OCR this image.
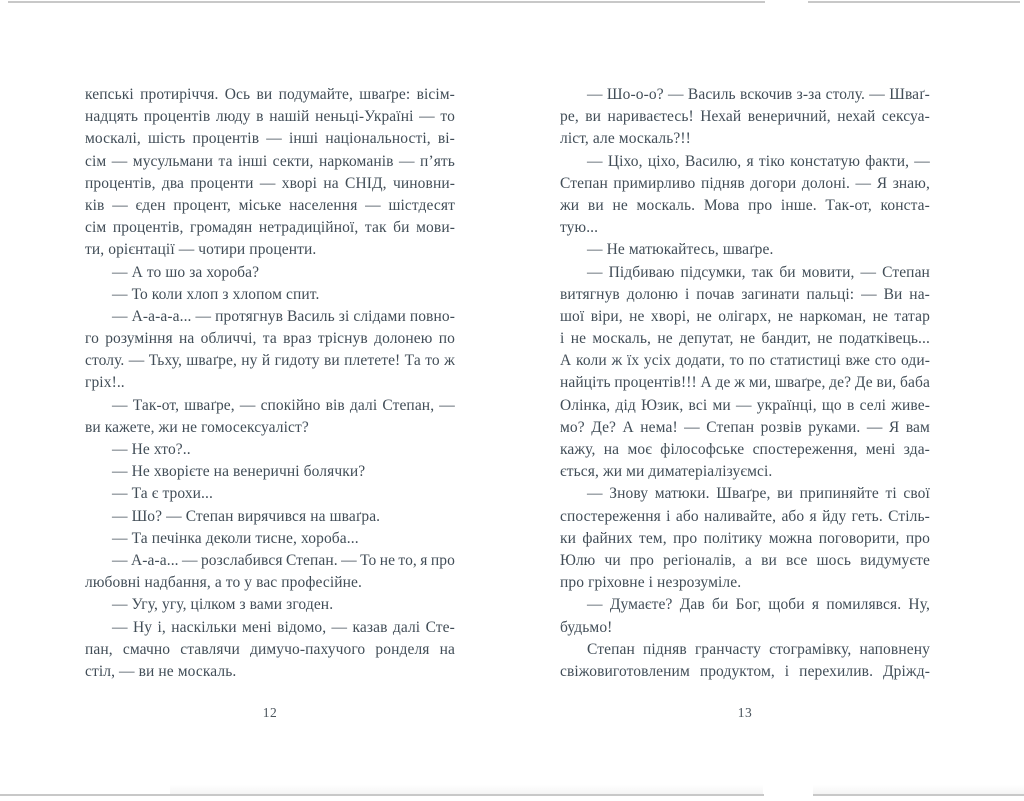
кепські протиріччя. Ось ви подумайте, шваґре: вісім-
надцять процентів люду в нашій неньці-Україні — то
москалі, шість процентів — інші національності, ві-
сім — мусульмани та інші секти, наркоманів — п’ять
процентів, два проценти — хворі на СНІД, чиновни-
ків — єден процент, міське населення — шістдесят
сім процентів, громадян нетрадиційної, так би мови-
ти, орієнтації — чотири проценти.
— А то шо за хороба?
— То коли хлоп з хлопом спит.
— А-а-а-а... — протягнув Василь зі слідами повно-
го розуміння на обличчі, та враз тріснув долонею по
столу. — Тьху, шваґре, ну й гидоту ви плетете! Та то ж
гріх!..
— Так-от, шваґре, — спокійно вів далі Степан, —
ви кажете, жи не гомосексуаліст?
— Не хто?..
— Не хворієте на венеричні болячки?
— Та є трохи...
— Шо? — Степан вирячився на шваґра.
— Та печінка деколи тисне, хороба...
— А-а-а... — розслабився Степан. — То не то, я про
любовні надбання, а то у вас професійне.
— Угу, угу, цілком з вами згоден.
— Ну і, наскільки мені відомо, — казав далі Сте-
пан, смачно ставлячи димучо-пахучого ронделя на
стіл, — ви не москаль.
12
— Шо-о-о? — Василь вскочив з-за столу. — Шваґ-
ре, ви нариваєтесь! Нехай венеричний, нехай сексуа-
ліст, але москаль?!!
— Ціхо, ціхо, Василю, я тіко констатую факти, —
Степан примирливо підняв догори долоні. — Я знаю,
жи ви не москаль. Мова про інше. Так-от, конста-
тую...
— Не матюкайтесь, шваґре.
— Підбиваю підсумки, так би мовити, — Степан
витягнув долоню і почав загинати пальці: — Ви на-
шої віри, не хворі, не олігарх, не наркоман, не татар
і не москаль, не депутат, не бандит, не податківець...
А коли ж їх усіх додати, то по статистиці вже сто оди-
найціть процентів!!! А де ж ми, шваґре, де? Де ви, баба
Олінка, дід Юзик, всі ми — українці, що в селі живе-
мо? Де? А нема! — Степан розвів руками. — Я вам
кажу, на моє філософське спостереження, мені зда-
ється, жи ми диматеріалізуємсі.
— Знову матюки. Шваґре, ви припиняйте ті свої
спостереження і або наливайте, або я йду геть. Стіль-
ки файних тем, про політику можна поговорити, про
Юлю чи про регіоналів, а ви все шось видумуєте
про гріховне і незрозуміле.
— Думаєте? Дав би Бог, щоби я помилявся. Ну,
будьмо!
Степан підняв гранчасту стограмівку, наповнену
свіжовиготовленим продуктом, і перехилив. Дріжд-
13
